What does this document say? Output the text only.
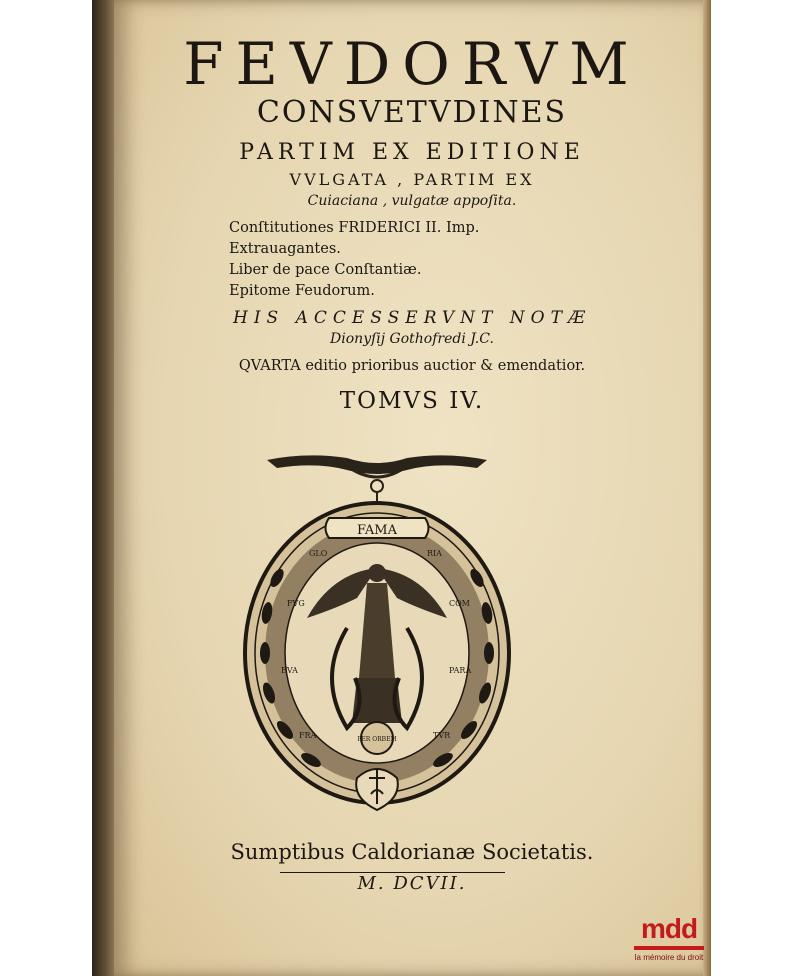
FEVDORVM
CONSVETVDINES
PARTIM EX EDITIONE
VVLGATA , PARTIM EX
Cuiaciana , vulgatæ appoſita.
Conſtitutiones FRIDERICI II. Imp.
Extrauagantes.
Liber de pace Conſtantiæ.
Epitome Feudorum.
HIS ACCESSERVNT NOTÆ
Dionyſij Gothofredi J.C.
QVARTA editio prioribus auctior & emendatior.
TOMVS IV.
PER ORBEM
FAMA
GLO
FVG
EVA
FRA
RIA
COM
PARA
TVR
Sumptibus Caldorianæ Societatis.
M. DCVII.
mdd
la mémoire du droit
